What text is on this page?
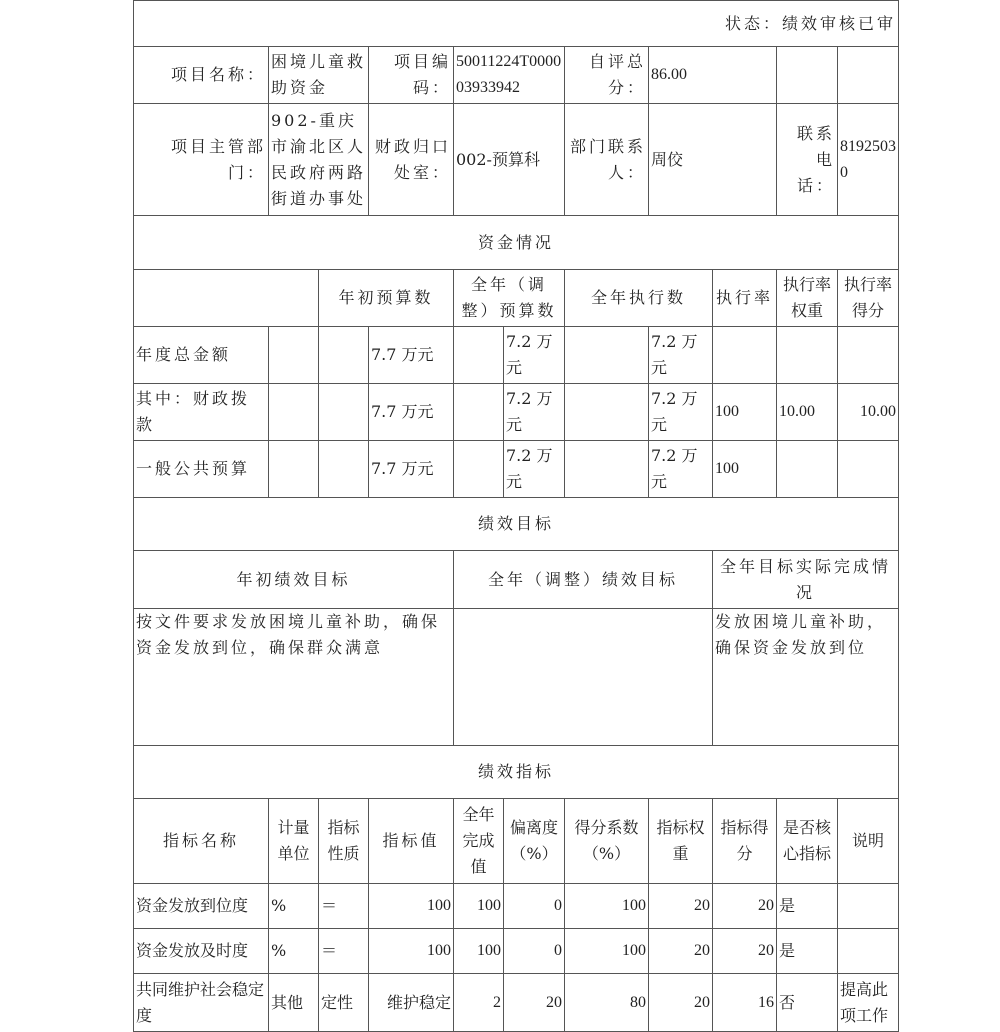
状态：绩效审核已审										
项目名称：	困境儿童救助资金		项目编码：	50011224T000003933942		自评总分：	86.00			
项目主管部门：	902-重庆市渝北区人民政府两路街道办事处		财政归口处室：	002-预算科		部门联系人：	周佼		联系电话：	81925030
资金情况										
		年初预算数		全年（调整）预算数		全年执行数		执行率	执行率权重	执行率得分
年度总金额			7.7 万元		7.2 万元		7.2 万元			
其中：财政拨款			7.7 万元		7.2 万元		7.2 万元	100	10.00	10.00
一般公共预算			7.7 万元		7.2 万元		7.2 万元	100		
绩效目标										
年初绩效目标				全年（调整）绩效目标				全年目标实际完成情况		
按文件要求发放困境儿童补助，确保资金发放到位，确保群众满意								发放困境儿童补助，确保资金发放到位		
绩效指标										
指标名称	计量单位	指标性质	指标值	全年完成值	偏离度（%）	得分系数（%）	指标权重	指标得分	是否核心指标	说明
资金发放到位度	%	＝	100	100	0	100	20	20	是	
资金发放及时度	%	＝	100	100	0	100	20	20	是	
共同维护社会稳定度	其他	定性	维护稳定	2	20	80	20	16	否	提高此项工作
